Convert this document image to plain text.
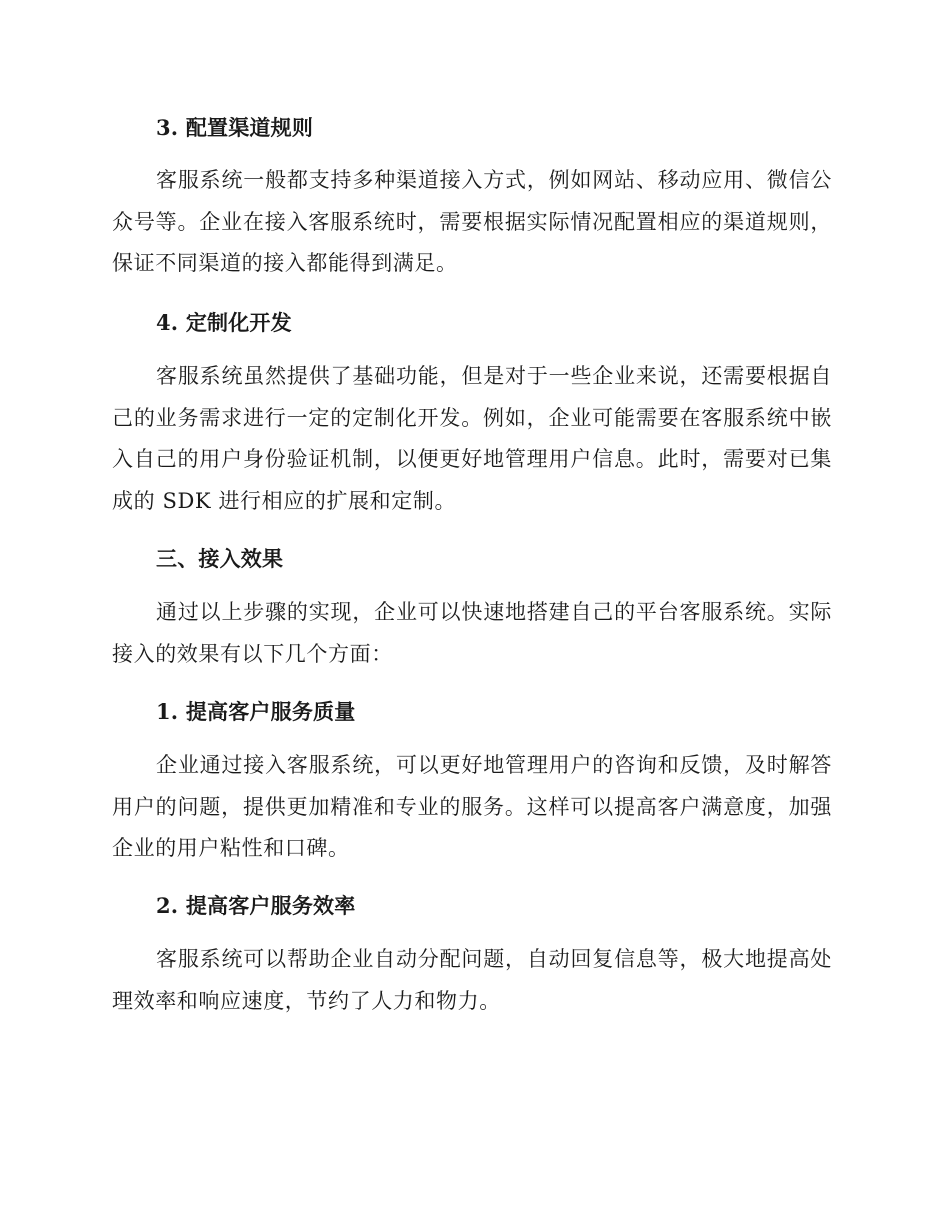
3. 配置渠道规则

客服系统一般都支持多种渠道接入方式，例如网站、移动应用、微信公众号等。企业在接入客服系统时，需要根据实际情况配置相应的渠道规则，保证不同渠道的接入都能得到满足。

4. 定制化开发

客服系统虽然提供了基础功能，但是对于一些企业来说，还需要根据自己的业务需求进行一定的定制化开发。例如，企业可能需要在客服系统中嵌入自己的用户身份验证机制，以便更好地管理用户信息。此时，需要对已集成的 SDK 进行相应的扩展和定制。

三、接入效果

通过以上步骤的实现，企业可以快速地搭建自己的平台客服系统。实际接入的效果有以下几个方面：

1. 提高客户服务质量

企业通过接入客服系统，可以更好地管理用户的咨询和反馈，及时解答用户的问题，提供更加精准和专业的服务。这样可以提高客户满意度，加强企业的用户粘性和口碑。

2. 提高客户服务效率

客服系统可以帮助企业自动分配问题，自动回复信息等，极大地提高处理效率和响应速度，节约了人力和物力。
